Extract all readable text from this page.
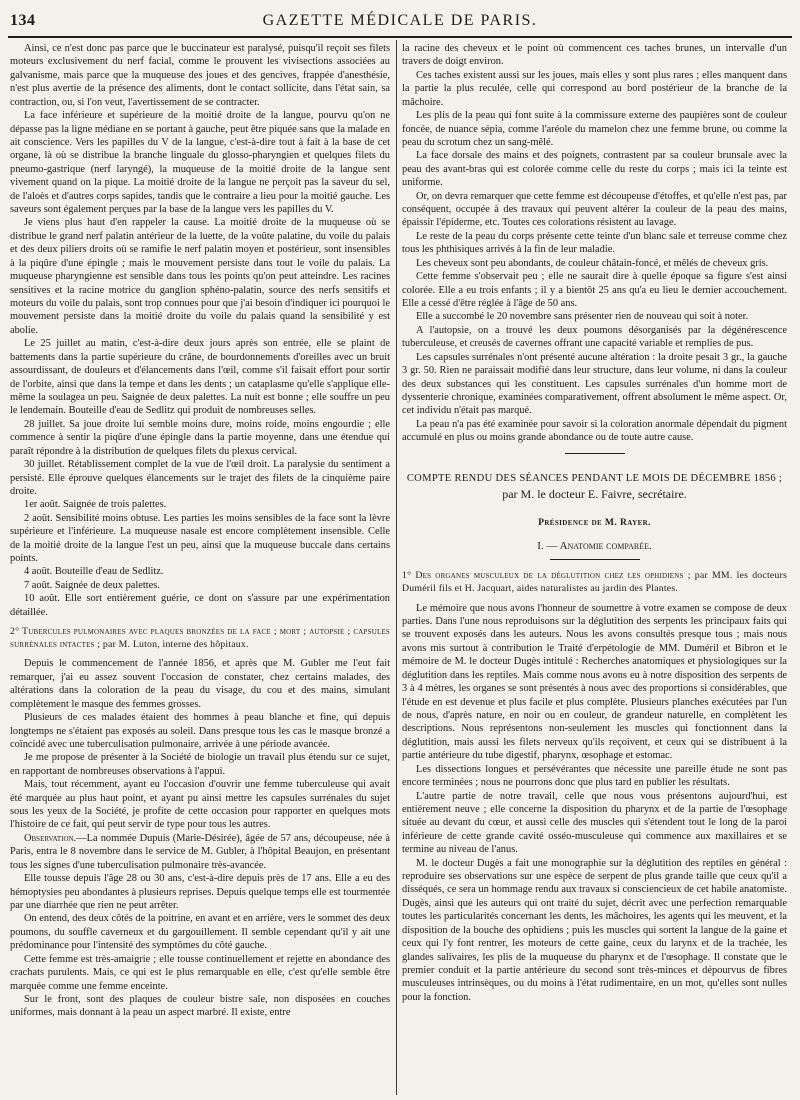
134	GAZETTE MÉDICALE DE PARIS.

Ainsi, ce n'est donc pas parce que le buccinateur est paralysé, puisqu'il reçoit ses filets moteurs exclusivement du nerf facial, comme le prouvent les vivisections associées au galvanisme, mais parce que la muqueuse des joues et des gencives, frappée d'anesthésie, n'est plus avertie de la présence des aliments, dont le contact sollicite, dans l'état sain, sa contraction, ou, si l'on veut, l'avertissement de se contracter.

La face inférieure et supérieure de la moitié droite de la langue, pourvu qu'on ne dépasse pas la ligne médiane en se portant à gauche, peut être piquée sans que la malade en ait conscience. Vers les papilles du V de la langue, c'est-à-dire tout à fait à la base de cet organe, là où se distribue la branche linguale du glosso-pharyngien et quelques filets du pneumo-gastrique (nerf laryngé), la muqueuse de la moitié droite de la langue sent vivement quand on la pique. La moitié droite de la langue ne perçoit pas la saveur du sel, de l'aloès et d'autres corps sapides, tandis que le contraire a lieu pour la moitié gauche. Les saveurs sont également perçues par la base de la langue vers les papilles du V.

Je viens plus haut d'en rappeler la cause. La moitié droite de la muqueuse où se distribue le grand nerf palatin antérieur de la luette, de la voûte palatine, du voile du palais et des deux piliers droits où se ramifie le nerf palatin moyen et postérieur, sont insensibles à la piqûre d'une épingle ; mais le mouvement persiste dans tout le voile du palais. La muqueuse pharyngienne est sensible dans tous les points qu'on peut atteindre. Les racines sensitives et la racine motrice du ganglion sphéno-palatin, source des nerfs sensitifs et moteurs du voile du palais, sont trop connues pour que j'ai besoin d'indiquer ici pourquoi le mouvement persiste dans la moitié droite du voile du palais quand la sensibilité y est abolie.

Le 25 juillet au matin, c'est-à-dire deux jours après son entrée, elle se plaint de battements dans la partie supérieure du crâne, de bourdonnements d'oreilles avec un bruit assourdissant, de douleurs et d'élancements dans l'œil, comme s'il faisait effort pour sortir de l'orbite, ainsi que dans la tempe et dans les dents ; un cataplasme qu'elle s'applique elle-même la soulagea un peu. Saignée de deux palettes. La nuit est bonne ; elle souffre un peu le lendemain. Bouteille d'eau de Sedlitz qui produit de nombreuses selles.

28 juillet. Sa joue droite lui semble moins dure, moins roide, moins engourdie ; elle commence à sentir la piqûre d'une épingle dans la partie moyenne, dans une étendue qui paraît répondre à la distribution de quelques filets du plexus cervical.

30 juillet. Rétablissement complet de la vue de l'œil droit. La paralysie du sentiment a persisté. Elle éprouve quelques élancements sur le trajet des filets de la cinquième paire droite.

1er août. Saignée de trois palettes.

2 août. Sensibilité moins obtuse. Les parties les moins sensibles de la face sont la lèvre supérieure et l'inférieure. La muqueuse nasale est encore complètement insensible. Celle de la moitié droite de la langue l'est un peu, ainsi que la muqueuse buccale dans certains points.

4 août. Bouteille d'eau de Sedlitz.

7 août. Saignée de deux palettes.

10 août. Elle sort entièrement guérie, ce dont on s'assure par une expérimentation détaillée.

2° Tubercules pulmonaires avec plaques bronzées de la face ; mort ; autopsie ; capsules surrénales intactes ; par M. Luton, interne des hôpitaux.

Depuis le commencement de l'année 1856, et après que M. Gubler me l'eut fait remarquer, j'ai eu assez souvent l'occasion de constater, chez certains malades, des altérations dans la coloration de la peau du visage, du cou et des mains, simulant complètement le masque des femmes grosses.

Plusieurs de ces malades étaient des hommes à peau blanche et fine, qui depuis longtemps ne s'étaient pas exposés au soleil. Dans presque tous les cas le masque bronzé a coïncidé avec une tuberculisation pulmonaire, arrivée à une période avancée.

Je me propose de présenter à la Société de biologie un travail plus étendu sur ce sujet, en rapportant de nombreuses observations à l'appui.

Mais, tout récemment, ayant eu l'occasion d'ouvrir une femme tuberculeuse qui avait été marquée au plus haut point, et ayant pu ainsi mettre les capsules surrénales du sujet sous les yeux de la Société, je profite de cette occasion pour rapporter en quelques mots l'histoire de ce fait, qui peut servir de type pour tous les autres.

Observation.—La nommée Dupuis (Marie-Désirée), âgée de 57 ans, découpeuse, née à Paris, entra le 8 novembre dans le service de M. Gubler, à l'hôpital Beaujon, en présentant tous les signes d'une tuberculisation pulmonaire très-avancée.

Elle tousse depuis l'âge 28 ou 30 ans, c'est-à-dire depuis près de 17 ans. Elle a eu des hémoptysies peu abondantes à plusieurs reprises. Depuis quelque temps elle est tourmentée par une diarrhée que rien ne peut arrêter.

On entend, des deux côtés de la poitrine, en avant et en arrière, vers le sommet des deux poumons, du souffle caverneux et du gargouillement. Il semble cependant qu'il y ait une prédominance pour l'intensité des symptômes du côté gauche.

Cette femme est très-amaigrie ; elle tousse continuellement et rejette en abondance des crachats purulents. Mais, ce qui est le plus remarquable en elle, c'est qu'elle semble être marquée comme une femme enceinte.

Sur le front, sont des plaques de couleur bistre sale, non disposées en couches uniformes, mais donnant à la peau un aspect marbré. Il existe, entre

la racine des cheveux et le point où commencent ces taches brunes, un intervalle d'un travers de doigt environ.

Ces taches existent aussi sur les joues, mais elles y sont plus rares ; elles manquent dans la partie la plus reculée, celle qui correspond au bord postérieur de la branche de la mâchoire.

Les plis de la peau qui font suite à la commissure externe des paupières sont de couleur foncée, de nuance sépia, comme l'aréole du mamelon chez une femme brune, ou comme la peau du scrotum chez un sang-mêlé.

La face dorsale des mains et des poignets, contrastent par sa couleur brunsale avec la peau des avant-bras qui est colorée comme celle du reste du corps ; mais ici la teinte est uniforme.

Or, on devra remarquer que cette femme est découpeuse d'étoffes, et qu'elle n'est pas, par conséquent, occupée à des travaux qui peuvent altérer la couleur de la peau des mains, épaissir l'épiderme, etc. Toutes ces colorations résistent au lavage.

Le reste de la peau du corps présente cette teinte d'un blanc sale et terreuse comme chez tous les phthisiques arrivés à la fin de leur maladie.

Les cheveux sont peu abondants, de couleur châtain-foncé, et mêlés de cheveux gris.

Cette femme s'observait peu ; elle ne saurait dire à quelle époque sa figure s'est ainsi colorée. Elle a eu trois enfants ; il y a bientôt 25 ans qu'a eu lieu le dernier accouchement. Elle a cessé d'être réglée à l'âge de 50 ans.

Elle a succombé le 20 novembre sans présenter rien de nouveau qui soit à noter.

A l'autopsie, on a trouvé les deux poumons désorganisés par la dégénérescence tuberculeuse, et creusés de cavernes offrant une capacité variable et remplies de pus.

Les capsules surrénales n'ont présenté aucune altération : la droite pesait 3 gr., la gauche 3 gr. 50. Rien ne paraissait modifié dans leur structure, dans leur volume, ni dans la couleur des deux substances qui les constituent. Les capsules surrénales d'un homme mort de dyssenterie chronique, examinées comparativement, offrent absolument le même aspect. Or, cet individu n'était pas marqué.

La peau n'a pas été examinée pour savoir si la coloration anormale dépendait du pigment accumulé en plus ou moins grande abondance ou de toute autre cause.

COMPTE RENDU DES SÉANCES PENDANT LE MOIS DE DÉCEMBRE 1856 ;
par M. le docteur E. Faivre, secrétaire.
Présidence de M. Rayer.
I. — Anatomie comparée.

1° Des organes musculeux de la déglutition chez les ophidiens ; par MM. les docteurs Duméril fils et H. Jacquart, aides naturalistes au jardin des Plantes.

Le mémoire que nous avons l'honneur de soumettre à votre examen se compose de deux parties. Dans l'une nous reproduisons sur la déglutition des serpents les principaux faits qui se trouvent exposés dans les auteurs. Nous les avons consultés presque tous ; mais nous avons mis surtout à contribution le Traité d'erpétologie de MM. Duméril et Bibron et le mémoire de M. le docteur Dugès intitulé : Recherches anatomiques et physiologiques sur la déglutition dans les reptiles. Mais comme nous avons eu à notre disposition des serpents de 3 à 4 mètres, les organes se sont présentés à nous avec des proportions si considérables, que l'étude en est devenue et plus facile et plus complète. Plusieurs planches exécutées par l'un de nous, d'après nature, en noir ou en couleur, de grandeur naturelle, en complètent les descriptions. Nous représentons non-seulement les muscles qui fonctionnent dans la déglutition, mais aussi les filets nerveux qu'ils reçoivent, et ceux qui se distribuent à la partie antérieure du tube digestif, pharynx, œsophage et estomac.

Les dissections longues et persévérantes que nécessite une pareille étude ne sont pas encore terminées ; nous ne pourrons donc que plus tard en publier les résultats.

L'autre partie de notre travail, celle que nous vous présentons aujourd'hui, est entièrement neuve ; elle concerne la disposition du pharynx et de la partie de l'œsophage située au devant du cœur, et aussi celle des muscles qui s'étendent tout le long de la paroi inférieure de cette grande cavité osséo-musculeuse qui commence aux maxillaires et se termine au niveau de l'anus.

M. le docteur Dugès a fait une monographie sur la déglutition des reptiles en général : reproduire ses observations sur une espèce de serpent de plus grande taille que ceux qu'il a disséqués, ce sera un hommage rendu aux travaux si consciencieux de cet habile anatomiste. Dugès, ainsi que les auteurs qui ont traité du sujet, décrit avec une perfection remarquable toutes les particularités concernant les dents, les mâchoires, les agents qui les meuvent, et la disposition de la bouche des ophidiens ; puis les muscles qui sortent la langue de la gaine et ceux qui l'y font rentrer, les moteurs de cette gaine, ceux du larynx et de la trachée, les glandes salivaires, les plis de la muqueuse du pharynx et de l'œsophage. Il constate que le premier conduit et la partie antérieure du second sont très-minces et dépourvus de fibres musculeuses intrinsèques, ou du moins à l'état rudimentaire, en un mot, qu'elles sont nulles pour la fonction.
